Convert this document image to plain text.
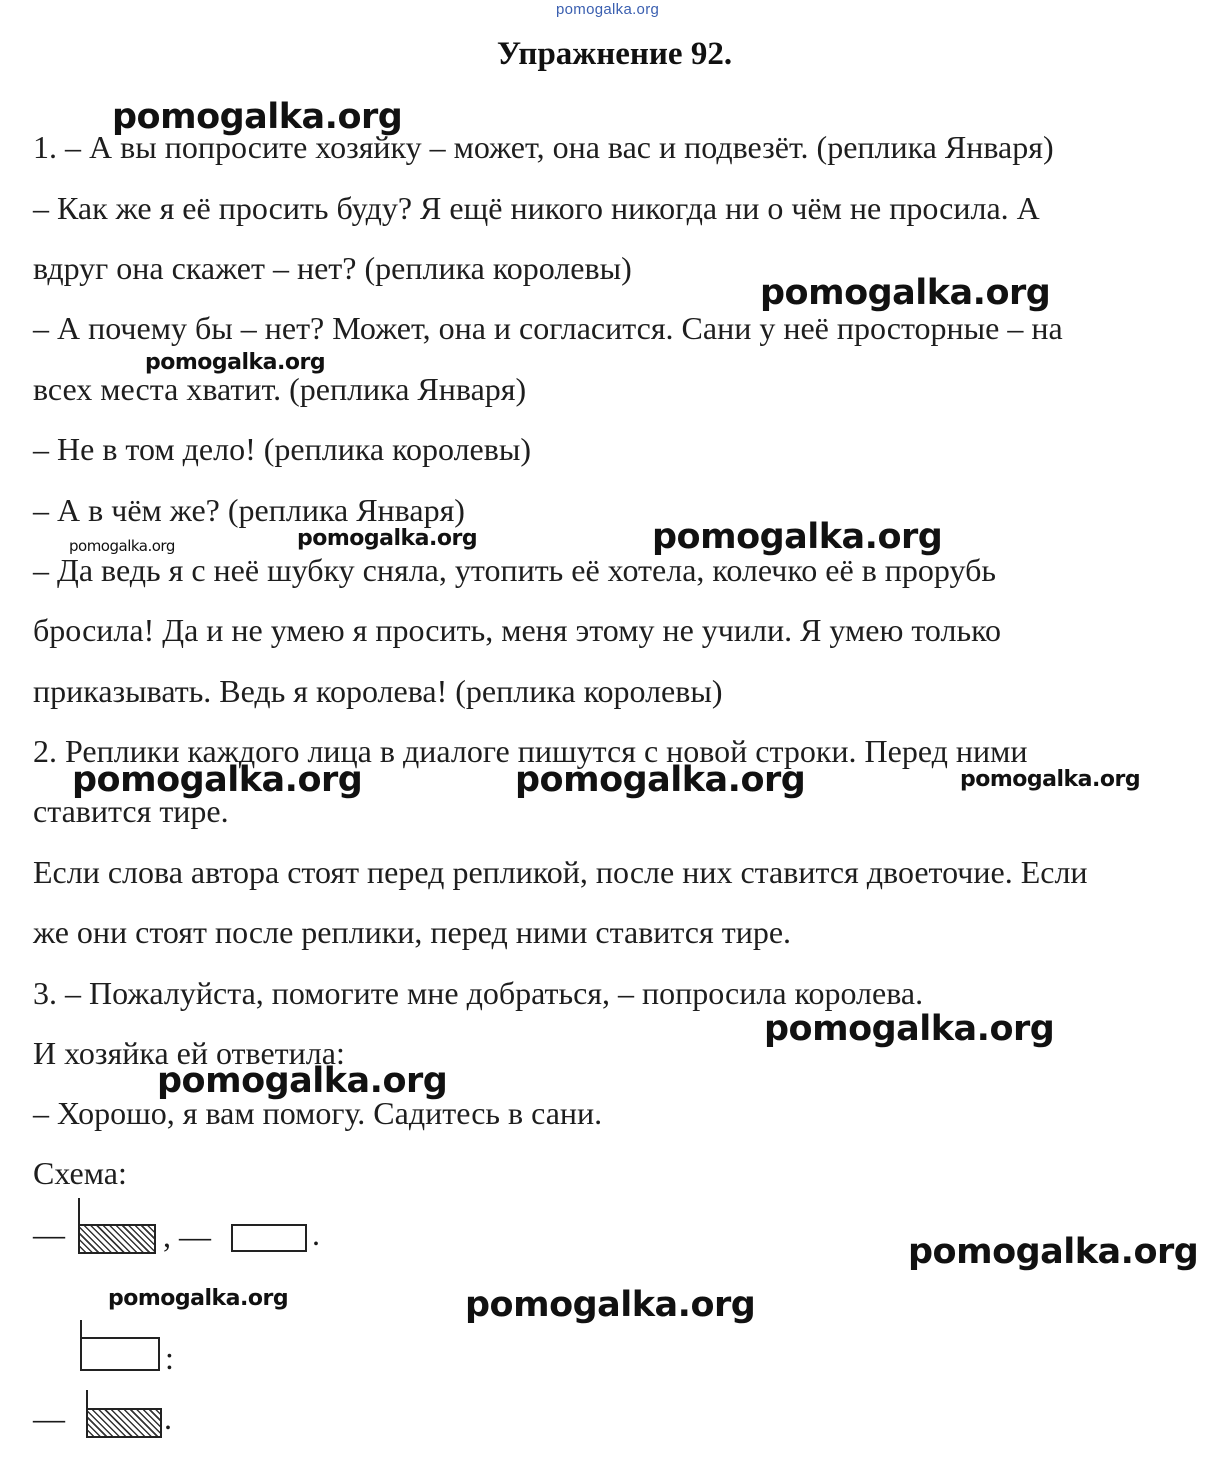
pomogalka.org
Упражнение 92.
1. – А вы попросите хозяйку – может, она вас и подвезёт. (реплика Января)
– Как же я её просить буду? Я ещё никого никогда ни о чём не просила. А
вдруг она скажет – нет? (реплика королевы)
– А почему бы – нет? Может, она и согласится. Сани у неё просторные – на
всех места хватит. (реплика Января)
– Не в том дело! (реплика королевы)
– А в чём же? (реплика Января)
– Да ведь я с неё шубку сняла, утопить её хотела, колечко её в прорубь
бросила! Да и не умею я просить, меня этому не учили. Я умею только
приказывать. Ведь я королева! (реплика королевы)
2. Реплики каждого лица в диалоге пишутся с новой строки. Перед ними
ставится тире.
Если слова автора стоят перед репликой, после них ставится двоеточие. Если
же они стоят после реплики, перед ними ставится тире.
3. – Пожалуйста, помогите мне добраться, – попросила королева.
И хозяйка ей ответила:
– Хорошо, я вам помогу. Садитесь в сани.
Схема:
—	, —	.
:
—	.
pomogalka.org
pomogalka.org
pomogalka.org
pomogalka.org	pomogalka.org	pomogalka.org
pomogalka.org	pomogalka.org	pomogalka.org
pomogalka.org
pomogalka.org
pomogalka.org
pomogalka.org	pomogalka.org
